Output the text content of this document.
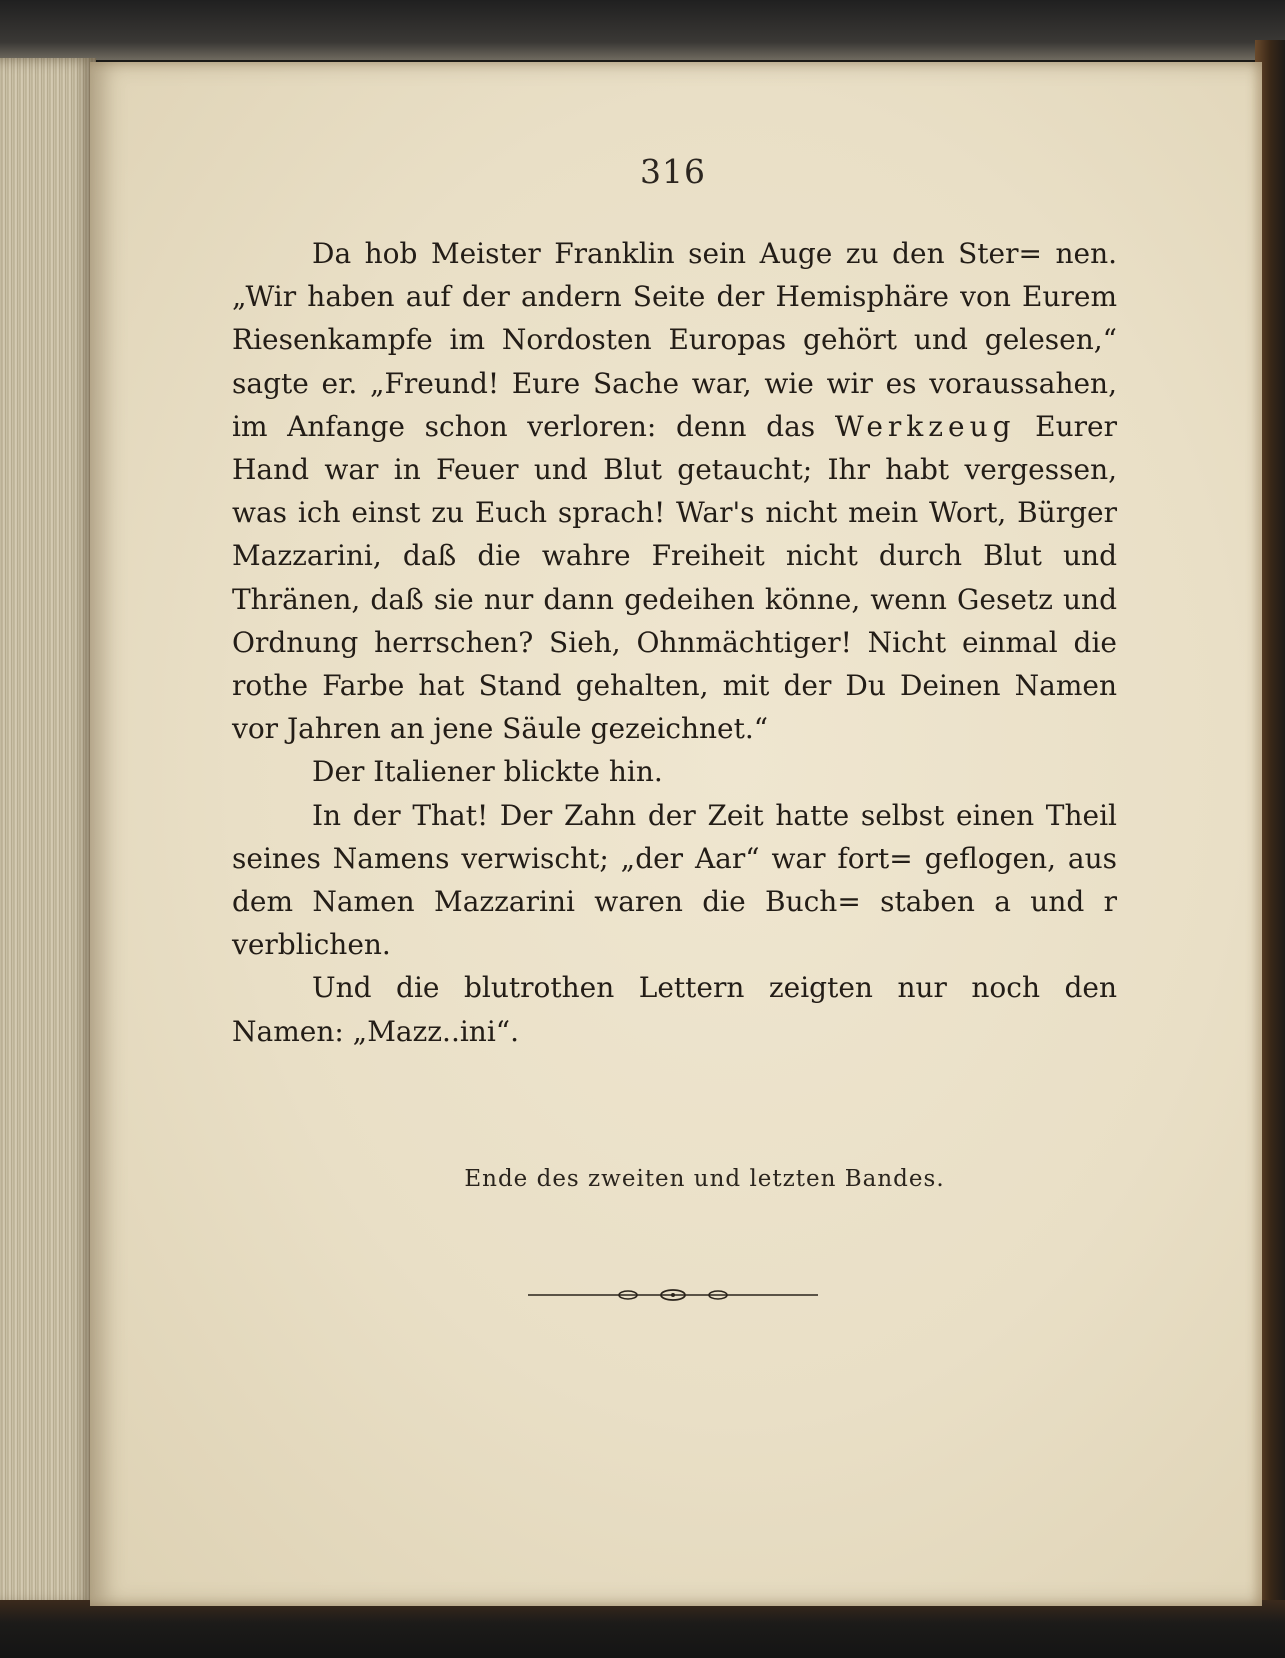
316
Da hob Meister Franklin sein Auge zu den Ster= nen. „Wir haben auf der andern Seite der Hemisphäre von Eurem Riesenkampfe im Nordosten Europas gehört und gelesen,“ sagte er. „Freund! Eure Sache war, wie wir es voraussahen, im Anfange schon verloren: denn das Werkzeug Eurer Hand war in Feuer und Blut getaucht; Ihr habt vergessen, was ich einst zu Euch sprach! War's nicht mein Wort, Bürger Mazzarini, daß die wahre Freiheit nicht durch Blut und Thränen, daß sie nur dann gedeihen könne, wenn Gesetz und Ordnung herrschen? Sieh, Ohnmächtiger! Nicht einmal die rothe Farbe hat Stand gehalten, mit der Du Deinen Namen vor Jahren an jene Säule gezeichnet.“
Der Italiener blickte hin.
In der That! Der Zahn der Zeit hatte selbst einen Theil seines Namens verwischt; „der Aar“ war fort= geflogen, aus dem Namen Mazzarini waren die Buch= staben a und r verblichen.
Und die blutrothen Lettern zeigten nur noch den Namen: „Mazz..ini“.
Ende des zweiten und letzten Bandes.
